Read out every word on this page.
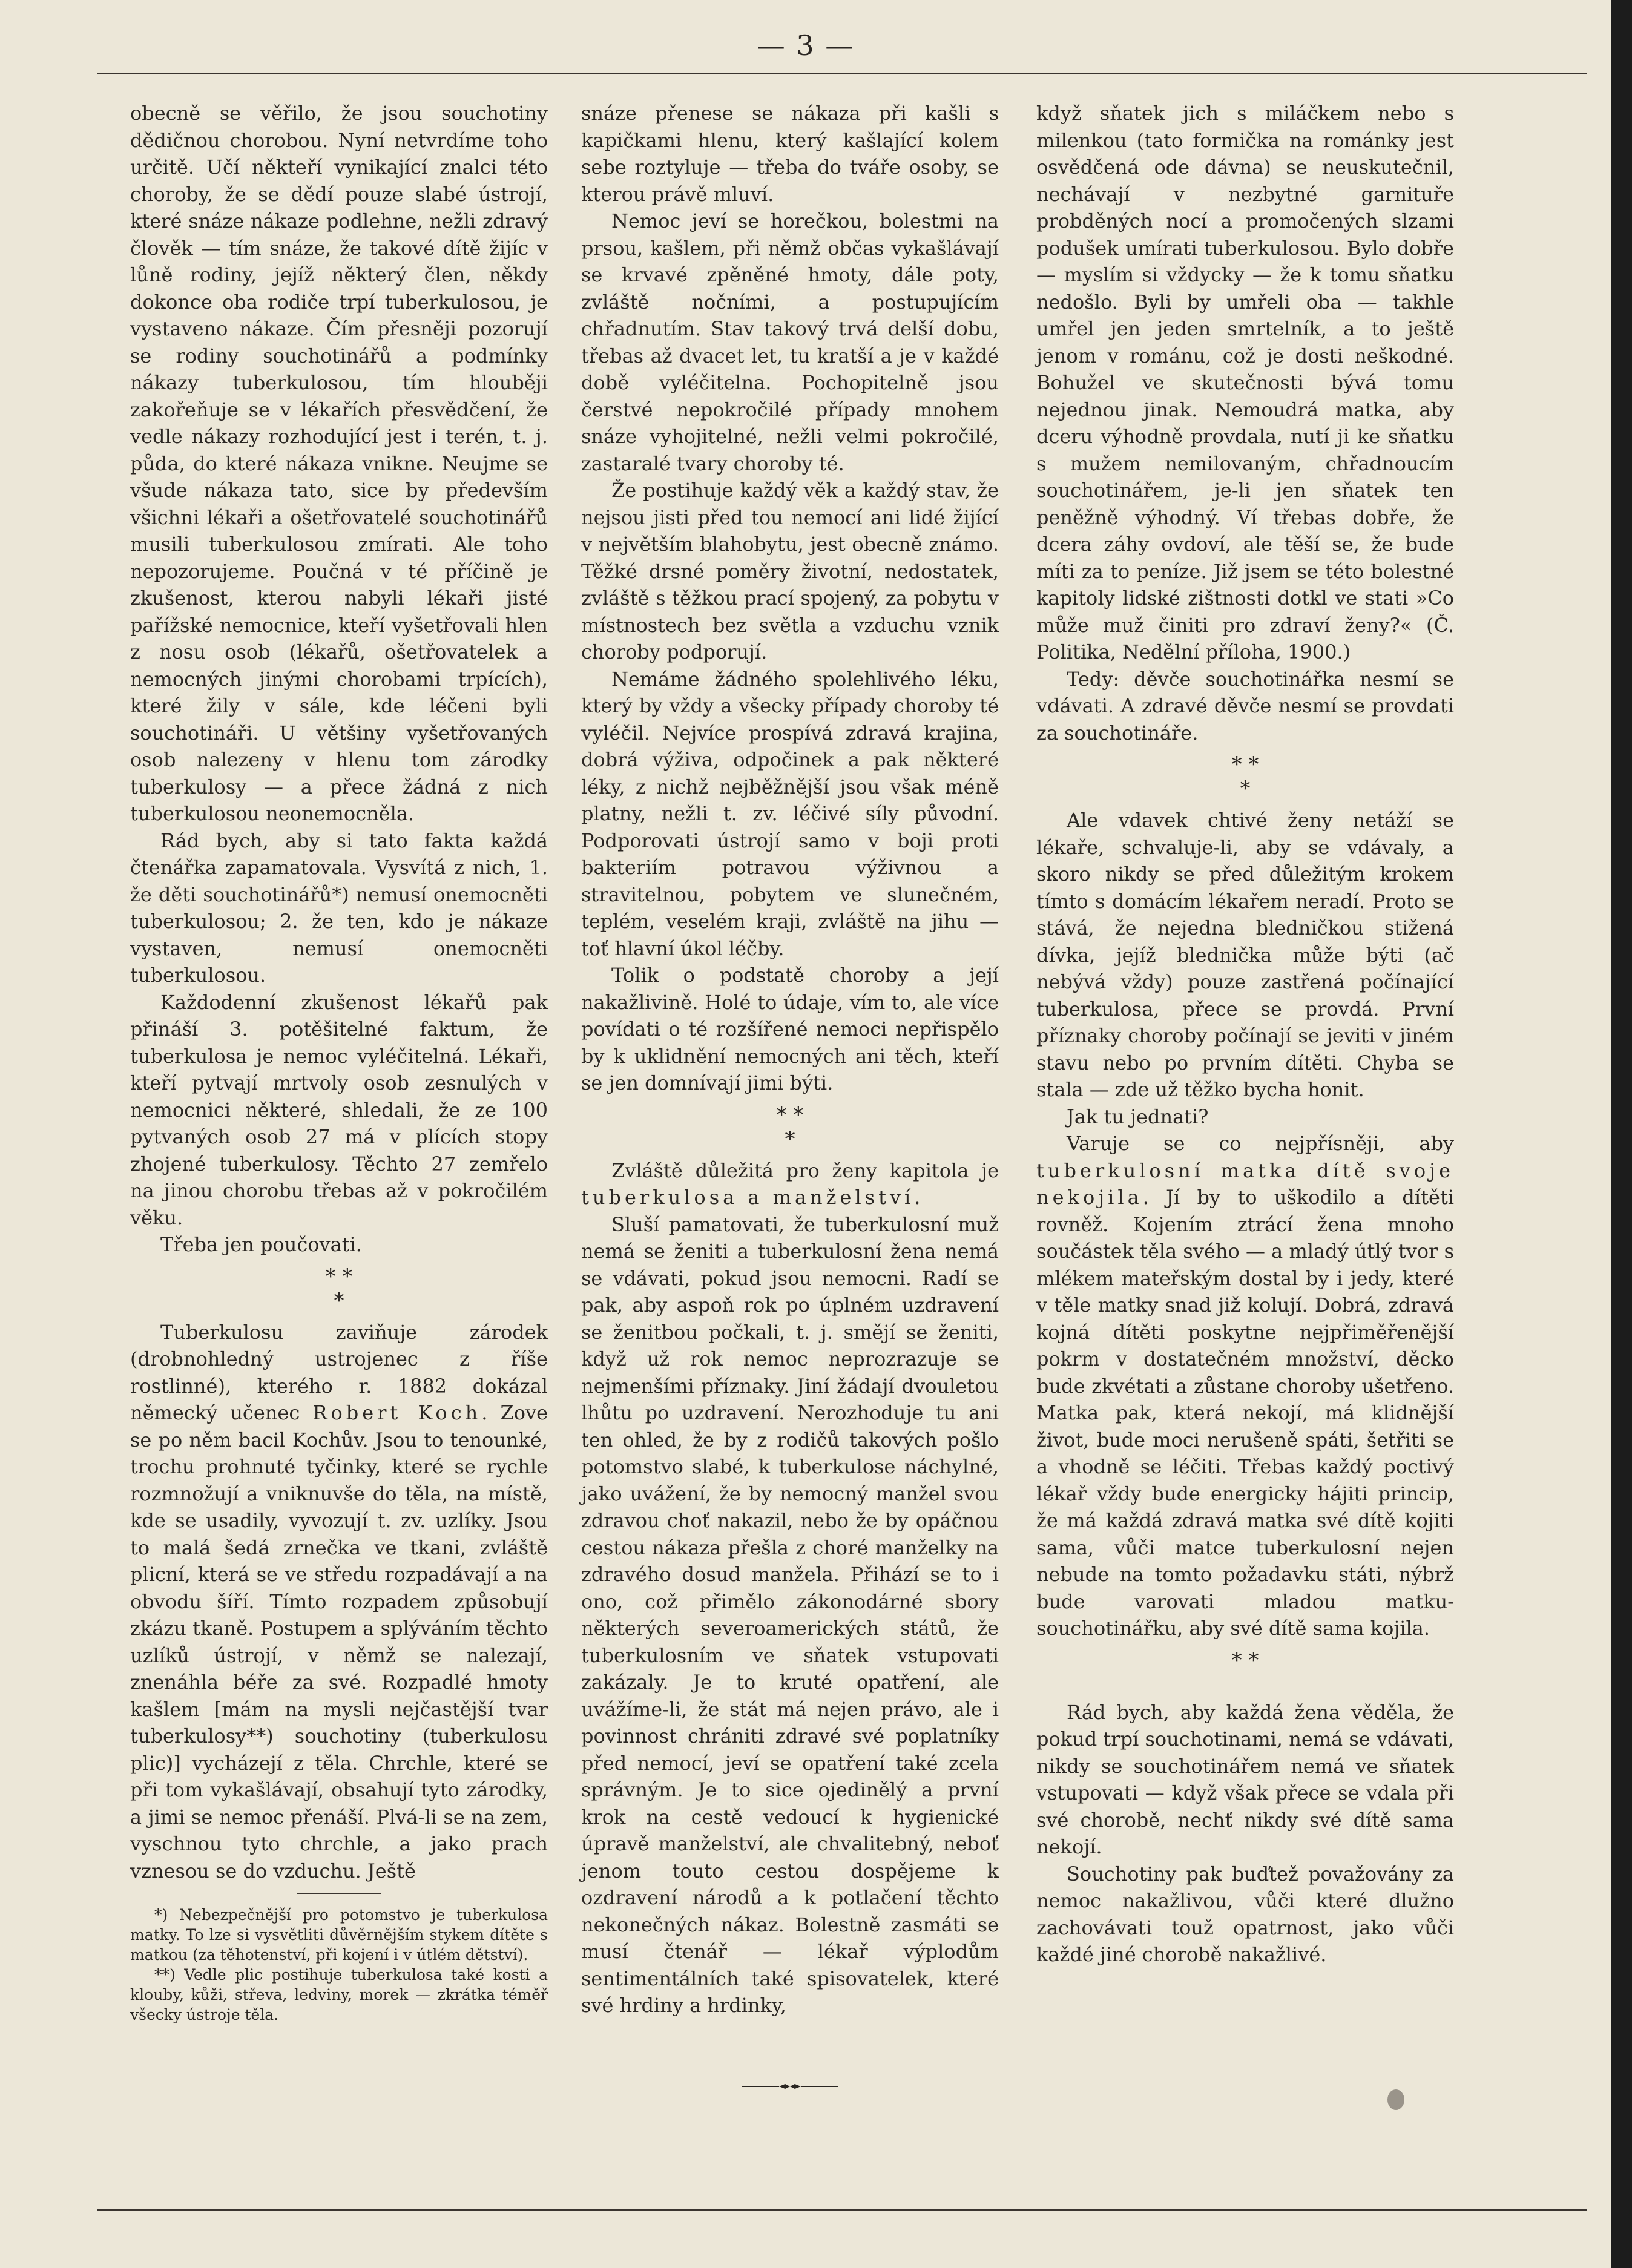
— 3 —

obecně se věřilo, že jsou souchotiny dědičnou chorobou. Nyní netvrdíme toho určitě. Učí někteří vynikající znalci této choroby, že se dědí pouze slabé ústrojí, které snáze nákaze podlehne, nežli zdravý člověk — tím snáze, že takové dítě žijíc v lůně rodiny, jejíž některý člen, někdy dokonce oba rodiče trpí tuberkulosou, je vystaveno nákaze. Čím přesněji pozorují se rodiny souchotinářů a podmínky nákazy tuberkulosou, tím hlouběji zakořeňuje se v lékařích přesvědčení, že vedle nákazy rozhodující jest i terén, t. j. půda, do které nákaza vnikne. Neujme se všude nákaza tato, sice by především všichni lékaři a ošetřovatelé souchotinářů musili tuberkulosou zmírati. Ale toho nepozorujeme. Poučná v té příčině je zkušenost, kterou nabyli lékaři jisté pařížské nemocnice, kteří vyšetřovali hlen z nosu osob (lékařů, ošetřovatelek a nemocných jinými chorobami trpících), které žily v sále, kde léčeni byli souchotináři. U většiny vyšetřovaných osob nalezeny v hlenu tom zárodky tuberkulosy — a přece žádná z nich tuberkulosou neonemocněla.

Rád bych, aby si tato fakta každá čtenářka zapamatovala. Vysvítá z nich, 1. že děti souchotinářů*) nemusí onemocněti tuberkulosou; 2. že ten, kdo je nákaze vystaven, nemusí onemocněti tuberkulosou.

Každodenní zkušenost lékařů pak přináší 3. potěšitelné faktum, že tuberkulosa je nemoc vyléčitelná. Lékaři, kteří pytvají mrtvoly osob zesnulých v nemocnici některé, shledali, že ze 100 pytvaných osob 27 má v plících stopy zhojené tuberkulosy. Těchto 27 zemřelo na jinou chorobu třebas až v pokročilém věku.

Třeba jen poučovati.

* *
*

Tuberkulosu zaviňuje zárodek (drobnohledný ustrojenec z říše rostlinné), kterého r. 1882 dokázal německý učenec Robert Koch. Zove se po něm bacil Kochův. Jsou to tenounké, trochu prohnuté tyčinky, které se rychle rozmnožují a vniknuvše do těla, na místě, kde se usadily, vyvozují t. zv. uzlíky. Jsou to malá šedá zrnečka ve tkani, zvláště plicní, která se ve středu rozpadávají a na obvodu šíří. Tímto rozpadem způsobují zkázu tkaně. Postupem a splýváním těchto uzlíků ústrojí, v němž se nalezají, znenáhla béře za své. Rozpadlé hmoty kašlem [mám na mysli nejčastější tvar tuberkulosy**) souchotiny (tuberkulosu plic)] vycházejí z těla. Chrchle, které se při tom vykašlávají, obsahují tyto zárodky, a jimi se nemoc přenáší. Plvá-li se na zem, vyschnou tyto chrchle, a jako prach vznesou se do vzduchu. Ještě

*) Nebezpečnější pro potomstvo je tuberkulosa matky. To lze si vysvětliti důvěrnějším stykem dítěte s matkou (za těhotenství, při kojení i v útlém dětství).

**) Vedle plic postihuje tuberkulosa také kosti a klouby, kůži, střeva, ledviny, morek — zkrátka téměř všecky ústroje těla.

snáze přenese se nákaza při kašli s kapičkami hlenu, který kašlající kolem sebe roztyluje — třeba do tváře osoby, se kterou právě mluví.

Nemoc jeví se horečkou, bolestmi na prsou, kašlem, při němž občas vykašlávají se krvavé zpěněné hmoty, dále poty, zvláště nočními, a postupujícím chřadnutím. Stav takový trvá delší dobu, třebas až dvacet let, tu kratší a je v každé době vyléčitelna. Pochopitelně jsou čerstvé nepokročilé případy mnohem snáze vyhojitelné, nežli velmi pokročilé, zastaralé tvary choroby té.

Že postihuje každý věk a každý stav, že nejsou jisti před tou nemocí ani lidé žijící v největším blahobytu, jest obecně známo. Těžké drsné poměry životní, nedostatek, zvláště s těžkou prací spojený, za pobytu v místnostech bez světla a vzduchu vznik choroby podporují.

Nemáme žádného spolehlivého léku, který by vždy a všecky případy choroby té vyléčil. Nejvíce prospívá zdravá krajina, dobrá výživa, odpočinek a pak některé léky, z nichž nejběžnější jsou však méně platny, nežli t. zv. léčivé síly původní. Podporovati ústrojí samo v boji proti bakteriím potravou výživnou a stravitelnou, pobytem ve slunečném, teplém, veselém kraji, zvláště na jihu — toť hlavní úkol léčby.

Tolik o podstatě choroby a její nakažlivině. Holé to údaje, vím to, ale více povídati o té rozšířené nemoci nepřispělo by k uklidnění nemocných ani těch, kteří se jen domnívají jimi býti.

* *
*

Zvláště důležitá pro ženy kapitola je tuberkulosa a manželství.

Sluší pamatovati, že tuberkulosní muž nemá se ženiti a tuberkulosní žena nemá se vdávati, pokud jsou nemocni. Radí se pak, aby aspoň rok po úplném uzdravení se ženitbou počkali, t. j. smějí se ženiti, když už rok nemoc neprozrazuje se nejmenšími příznaky. Jiní žádají dvouletou lhůtu po uzdravení. Nerozhoduje tu ani ten ohled, že by z rodičů takových pošlo potomstvo slabé, k tuberkulose náchylné, jako uvážení, že by nemocný manžel svou zdravou choť nakazil, nebo že by opáčnou cestou nákaza přešla z choré manželky na zdravého dosud manžela. Přihází se to i ono, což přimělo zákonodárné sbory některých severoamerických států, že tuberkulosním ve sňatek vstupovati zakázaly. Je to kruté opatření, ale uvážíme-li, že stát má nejen právo, ale i povinnost chrániti zdravé své poplatníky před nemocí, jeví se opatření také zcela správným. Je to sice ojedinělý a první krok na cestě vedoucí k hygienické úpravě manželství, ale chvalitebný, neboť jenom touto cestou dospějeme k ozdravení národů a k potlačení těchto nekonečných nákaz. Bolestně zasmáti se musí čtenář — lékař výplodům sentimentálních také spisovatelek, které své hrdiny a hrdinky,

když sňatek jich s miláčkem nebo s milenkou (tato formička na románky jest osvědčená ode dávna) se neuskutečnil, nechávají v nezbytné garnituře probděných nocí a promočených slzami podušek umírati tuberkulosou. Bylo dobře — myslím si vždycky — že k tomu sňatku nedošlo. Byli by umřeli oba — takhle umřel jen jeden smrtelník, a to ještě jenom v románu, což je dosti neškodné. Bohužel ve skutečnosti bývá tomu nejednou jinak. Nemoudrá matka, aby dceru výhodně provdala, nutí ji ke sňatku s mužem nemilovaným, chřadnoucím souchotinářem, je-li jen sňatek ten peněžně výhodný. Ví třebas dobře, že dcera záhy ovdoví, ale těší se, že bude míti za to peníze. Již jsem se této bolestné kapitoly lidské zištnosti dotkl ve stati »Co může muž činiti pro zdraví ženy?« (Č. Politika, Nedělní příloha, 1900.)

Tedy: děvče souchotinářka nesmí se vdávati. A zdravé děvče nesmí se provdati za souchotináře.

* *
*

Ale vdavek chtivé ženy netáží se lékaře, schvaluje-li, aby se vdávaly, a skoro nikdy se před důležitým krokem tímto s domácím lékařem neradí. Proto se stává, že nejedna bledničkou stižená dívka, jejíž blednička může býti (ač nebývá vždy) pouze zastřená počínající tuberkulosa, přece se provdá. První příznaky choroby počínají se jeviti v jiném stavu nebo po prvním dítěti. Chyba se stala — zde už těžko bycha honit.

Jak tu jednati?

Varuje se co nejpřísněji, aby tuberkulosní matka dítě svoje nekojila. Jí by to uškodilo a dítěti rovněž. Kojením ztrácí žena mnoho součástek těla svého — a mladý útlý tvor s mlékem mateřským dostal by i jedy, které v těle matky snad již kolují. Dobrá, zdravá kojná dítěti poskytne nejpřiměřenější pokrm v dostatečném množství, děcko bude zkvétati a zůstane choroby ušetřeno. Matka pak, která nekojí, má klidnější život, bude moci nerušeně spáti, šetřiti se a vhodně se léčiti. Třebas každý poctivý lékař vždy bude energicky hájiti princip, že má každá zdravá matka své dítě kojiti sama, vůči matce tuberkulosní nejen nebude na tomto požadavku státi, nýbrž bude varovati mladou matku-souchotinářku, aby své dítě sama kojila.

* *

Rád bych, aby každá žena věděla, že pokud trpí souchotinami, nemá se vdávati, nikdy se souchotinářem nemá ve sňatek vstupovati — když však přece se vdala při své chorobě, nechť nikdy své dítě sama nekojí.

Souchotiny pak buďtež považovány za nemoc nakažlivou, vůči které dlužno zachovávati touž opatrnost, jako vůči každé jiné chorobě nakažlivé.
